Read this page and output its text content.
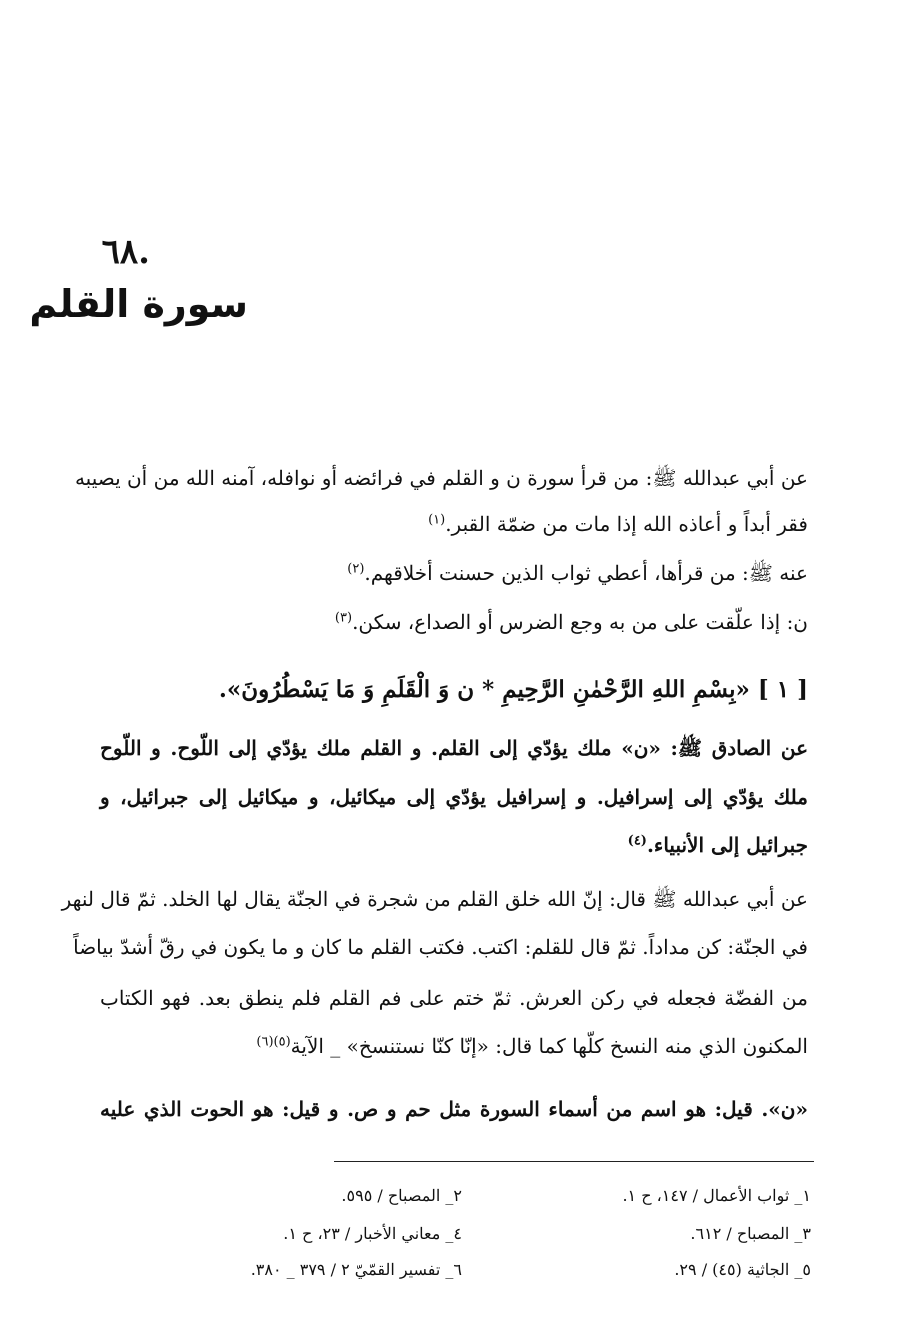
.٦٨
سورة القلم
عن أبي عبدالله ﷺ: من قرأ سورة ن و القلم في فرائضه أو نوافله، آمنه الله من أن يصيبه
فقر أبداً و أعاذه الله إذا مات من ضمّة القبر.$^{(١)}$
عنه ﷺ: من قرأها، أعطي ثواب الذين حسنت أخلاقهم.$^{(٢)}$
ن: إذا علّقت على من به وجع الضرس أو الصداع، سكن.$^{(٣)}$
[ ١ ] «بِسْمِ اللهِ الرَّحْمٰنِ الرَّحِيمِ * ن وَ الْقَلَمِ وَ مَا يَسْطُرُونَ».
عن الصادق ﷺ: «ن» ملك يؤدّي إلى القلم. و القلم ملك يؤدّي إلى اللّوح. و اللّوح
ملك يؤدّي إلى إسرافيل. و إسرافيل يؤدّي إلى ميكائيل، و ميكائيل إلى جبرائيل، و
جبرائيل إلى الأنبياء.$^{(٤)}$
عن أبي عبدالله ﷺ قال: إنّ الله خلق القلم من شجرة في الجنّة يقال لها الخلد. ثمّ قال لنهر
في الجنّة: كن مداداً. ثمّ قال للقلم: اكتب. فكتب القلم ما كان و ما يكون في رقّ أشدّ بياضاً
من الفضّة فجعله في ركن العرش. ثمّ ختم على فم القلم فلم ينطق بعد. فهو الكتاب
المكنون الذي منه النسخ كلّها كما قال: «إنّا كنّا نستنسخ» _ الآية$^{(٥)(٦)}$
«ن». قيل: هو اسم من أسماء السورة مثل حم و ص. و قيل: هو الحوت الذي عليه
١_ ثواب الأعمال / ١٤٧، ح ١.
٢_ المصباح / ٥٩٥.
٣_ المصباح / ٦١٢.
٤_ معاني الأخبار / ٢٣، ح ١.
٥_ الجاثية (٤٥) / ٢٩.
٦_ تفسير القمّيّ ٢ / ٣٧٩ _ ٣٨٠.
